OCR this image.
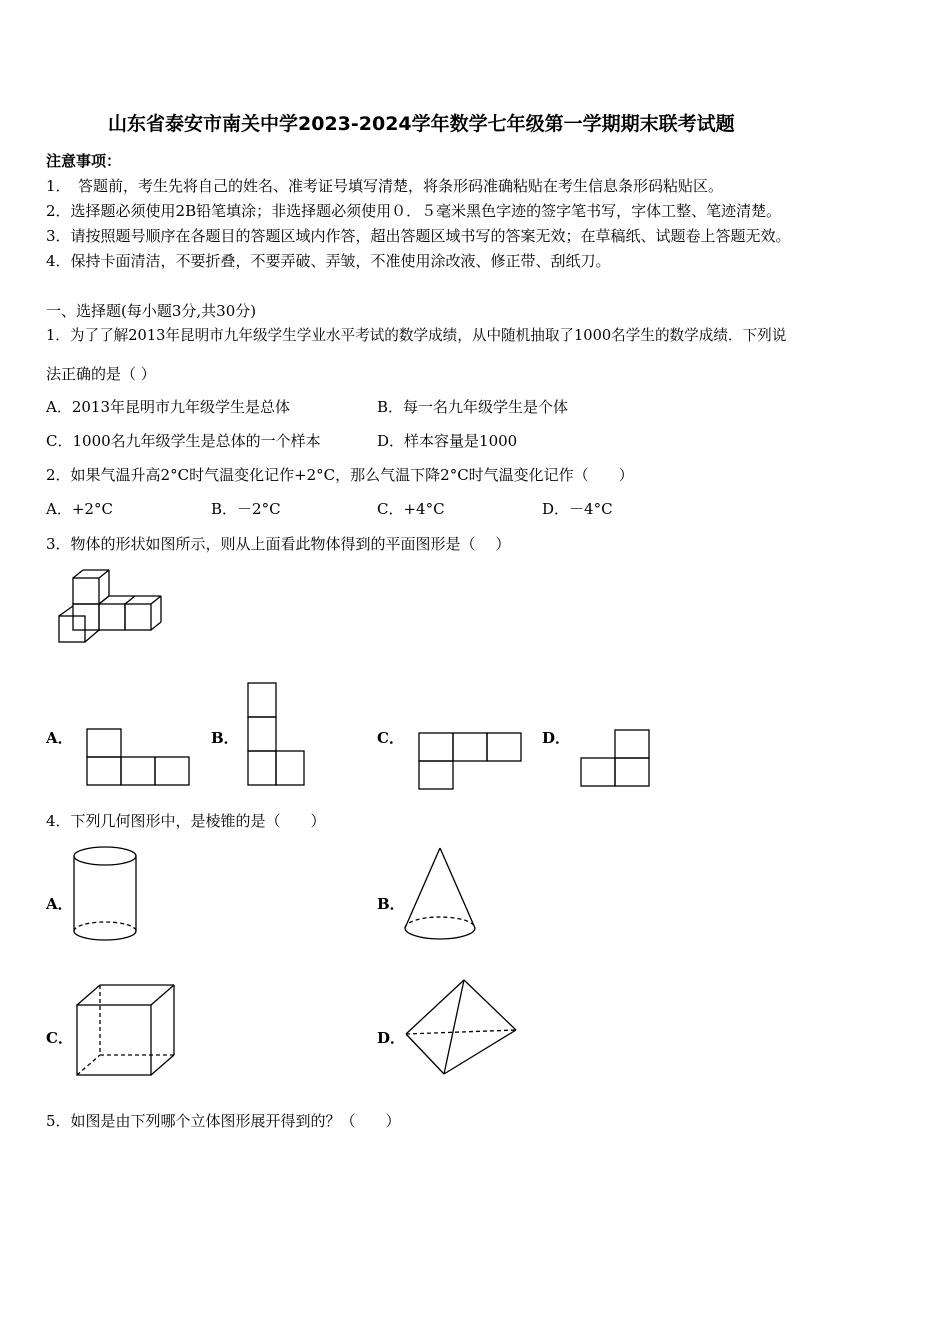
山东省泰安市南关中学2023-2024学年数学七年级第一学期期末联考试题
注意事项：
1．　答题前，考生先将自己的姓名、准考证号填写清楚，将条形码准确粘贴在考生信息条形码粘贴区。
2．选择题必须使用2B铅笔填涂；非选择题必须使用０．５毫米黑色字迹的签字笔书写，字体工整、笔迹清楚。
3．请按照题号顺序在各题目的答题区域内作答，超出答题区域书写的答案无效；在草稿纸、试题卷上答题无效。
4．保持卡面清洁，不要折叠，不要弄破、弄皱，不准使用涂改液、修正带、刮纸刀。
一、选择题(每小题3分,共30分)
1．为了了解2013年昆明市九年级学生学业水平考试的数学成绩，从中随机抽取了1000名学生的数学成绩．下列说
法正确的是（ ）
A．2013年昆明市九年级学生是总体	B．每一名九年级学生是个体
C．1000名九年级学生是总体的一个样本	D．样本容量是1000
2．如果气温升高2°C时气温变化记作+2°C，那么气温下降2°C时气温变化记作（　　）
A．+2°C	B．－2°C	C．+4°C	D．－4°C
3．物体的形状如图所示，则从上面看此物体得到的平面图形是（　 ）
A．	B．	C．	D．
4．下列几何图形中，是棱锥的是（　　）
A．	B．
C．	D．
5．如图是由下列哪个立体图形展开得到的？（　　）
